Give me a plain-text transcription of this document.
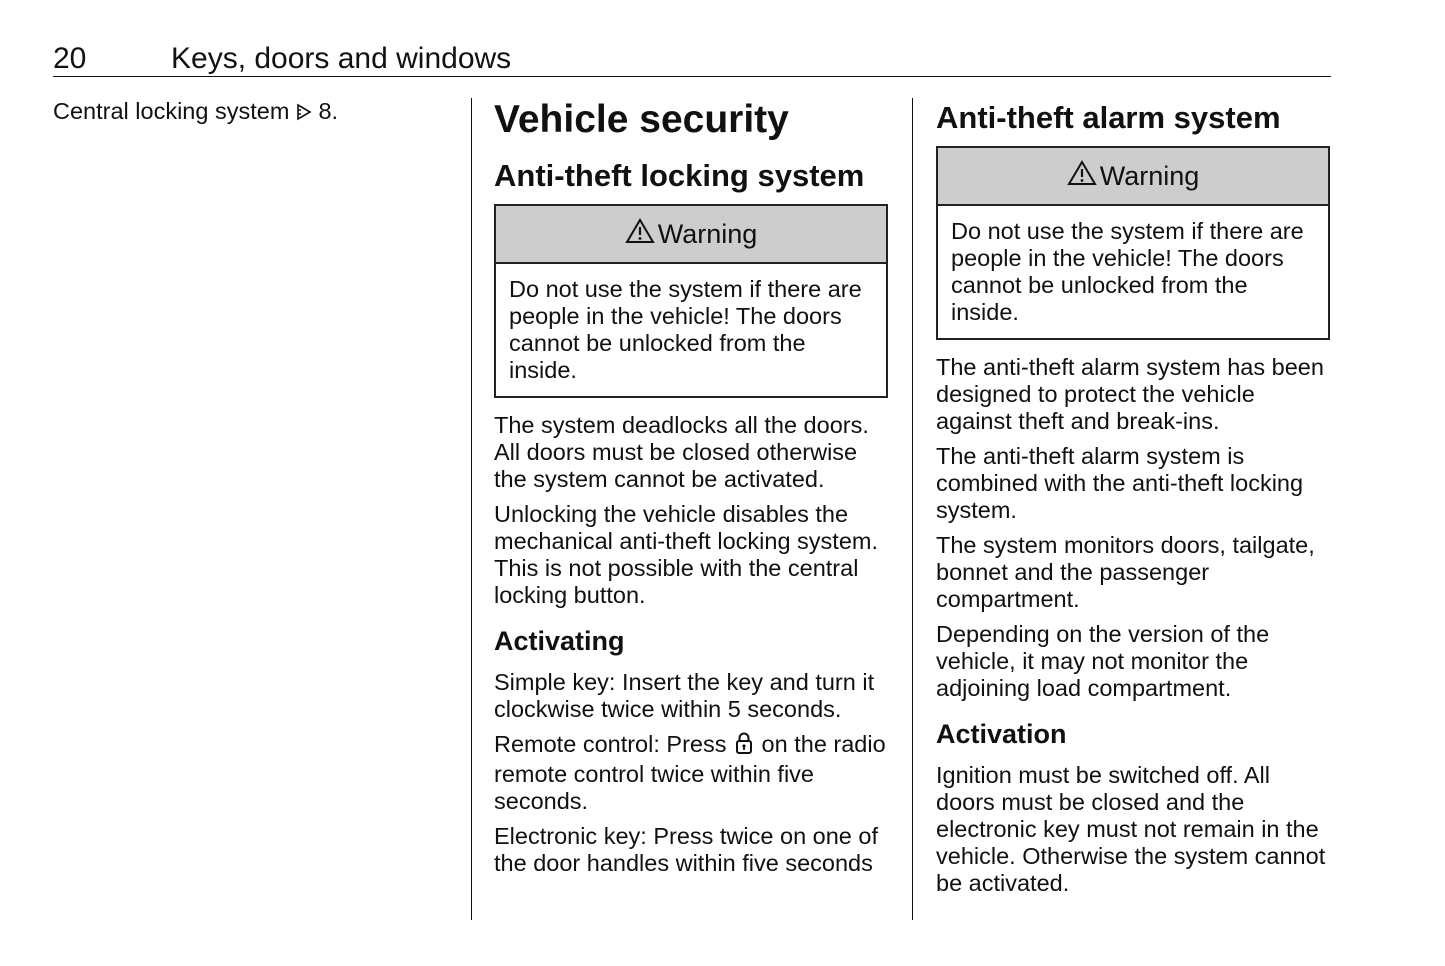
20	Keys, doors and windows

Central locking system 8.	Vehicle security
Anti-theft locking system
Warning

Do not use the system if there are people in the vehicle! The doors cannot be unlocked from the inside.

The system deadlocks all the doors. All doors must be closed otherwise the system cannot be activated.

Unlocking the vehicle disables the mechanical anti-theft locking system. This is not possible with the central locking button.

Activating

Simple key: Insert the key and turn it clockwise twice within 5 seconds.

Remote control: Press on the radio remote control twice within five seconds.

Electronic key: Press twice on one of the door handles within five seconds

Anti-theft alarm system
Warning

Do not use the system if there are people in the vehicle! The doors cannot be unlocked from the inside.

The anti-theft alarm system has been designed to protect the vehicle against theft and break-ins.

The anti-theft alarm system is combined with the anti-theft locking system.

The system monitors doors, tailgate, bonnet and the passenger compartment.

Depending on the version of the vehicle, it may not monitor the adjoining load compartment.

Activation

Ignition must be switched off. All doors must be closed and the electronic key must not remain in the vehicle. Otherwise the system cannot be activated.
